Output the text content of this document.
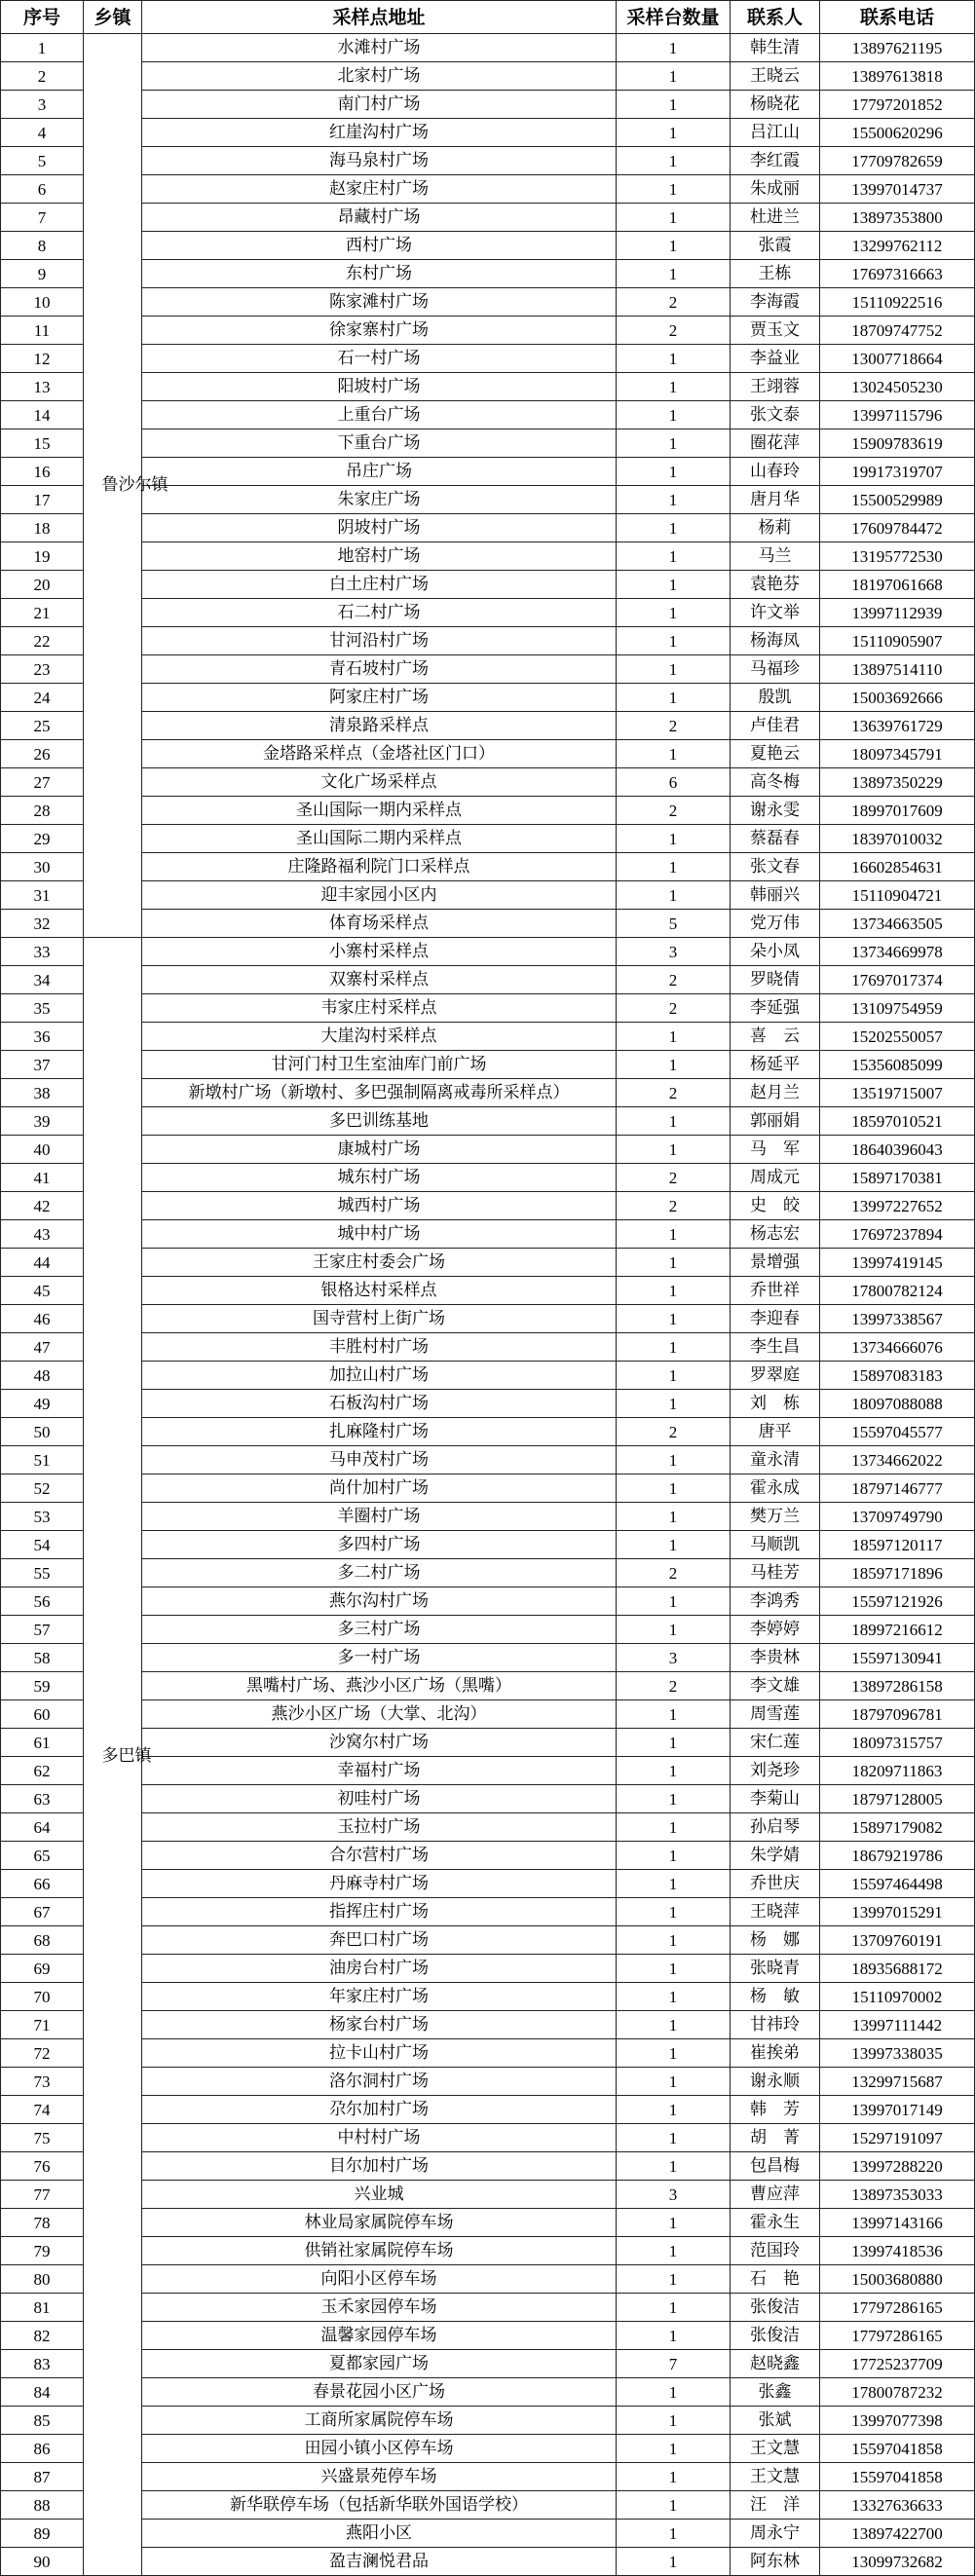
序号	乡镇	采样点地址	采样台数量	联系人	联系电话
1	鲁沙尔镇	水滩村广场	1	韩生清	13897621195
2		北家村广场	1	王晓云	13897613818
3		南门村广场	1	杨晓花	17797201852
4		红崖沟村广场	1	吕江山	15500620296
5		海马泉村广场	1	李红霞	17709782659
6		赵家庄村广场	1	朱成丽	13997014737
7		昂藏村广场	1	杜进兰	13897353800
8		西村广场	1	张霞	13299762112
9		东村广场	1	王栋	17697316663
10		陈家滩村广场	2	李海霞	15110922516
11		徐家寨村广场	2	贾玉文	18709747752
12		石一村广场	1	李益业	13007718664
13		阳坡村广场	1	王翊蓉	13024505230
14		上重台广场	1	张文泰	13997115796
15		下重台广场	1	圈花萍	15909783619
16		吊庄广场	1	山春玲	19917319707
17		朱家庄广场	1	唐月华	15500529989
18		阴坡村广场	1	杨莉	17609784472
19		地窑村广场	1	马兰	13195772530
20		白土庄村广场	1	袁艳芬	18197061668
21		石二村广场	1	许文举	13997112939
22		甘河沿村广场	1	杨海凤	15110905907
23		青石坡村广场	1	马福珍	13897514110
24		阿家庄村广场	1	殷凯	15003692666
25		清泉路采样点	2	卢佳君	13639761729
26		金塔路采样点（金塔社区门口）	1	夏艳云	18097345791
27		文化广场采样点	6	高冬梅	13897350229
28		圣山国际一期内采样点	2	谢永雯	18997017609
29		圣山国际二期内采样点	1	蔡磊春	18397010032
30		庄隆路福利院门口采样点	1	张文春	16602854631
31		迎丰家园小区内	1	韩丽兴	15110904721
32		体育场采样点	5	党万伟	13734663505
33	多巴镇	小寨村采样点	3	朵小凤	13734669978
34		双寨村采样点	2	罗晓倩	17697017374
35		韦家庄村采样点	2	李延强	13109754959
36		大崖沟村采样点	1	喜　云	15202550057
37		甘河门村卫生室油库门前广场	1	杨延平	15356085099
38		新墩村广场（新墩村、多巴强制隔离戒毒所采样点）	2	赵月兰	13519715007
39		多巴训练基地	1	郭丽娟	18597010521
40		康城村广场	1	马　军	18640396043
41		城东村广场	2	周成元	15897170381
42		城西村广场	2	史　皎	13997227652
43		城中村广场	1	杨志宏	17697237894
44		王家庄村委会广场	1	景增强	13997419145
45		银格达村采样点	1	乔世祥	17800782124
46		国寺营村上街广场	1	李迎春	13997338567
47		丰胜村村广场	1	李生昌	13734666076
48		加拉山村广场	1	罗翠庭	15897083183
49		石板沟村广场	1	刘　栋	18097088088
50		扎麻隆村广场	2	唐平	15597045577
51		马申茂村广场	1	童永清	13734662022
52		尚什加村广场	1	霍永成	18797146777
53		羊圈村广场	1	樊万兰	13709749790
54		多四村广场	1	马顺凯	18597120117
55		多二村广场	2	马桂芳	18597171896
56		燕尔沟村广场	1	李鸿秀	15597121926
57		多三村广场	1	李婷婷	18997216612
58		多一村广场	3	李贵林	15597130941
59		黑嘴村广场、燕沙小区广场（黑嘴）	2	李文雄	13897286158
60		燕沙小区广场（大掌、北沟）	1	周雪莲	18797096781
61		沙窝尔村广场	1	宋仁莲	18097315757
62		幸福村广场	1	刘尧珍	18209711863
63		初哇村广场	1	李菊山	18797128005
64		玉拉村广场	1	孙启琴	15897179082
65		合尔营村广场	1	朱学婧	18679219786
66		丹麻寺村广场	1	乔世庆	15597464498
67		指挥庄村广场	1	王晓萍	13997015291
68		奔巴口村广场	1	杨　娜	13709760191
69		油房台村广场	1	张晓青	18935688172
70		年家庄村广场	1	杨　敏	15110970002
71		杨家台村广场	1	甘祎玲	13997111442
72		拉卡山村广场	1	崔挨弟	13997338035
73		洛尔洞村广场	1	谢永顺	13299715687
74		尕尔加村广场	1	韩　芳	13997017149
75		中村村广场	1	胡　菁	15297191097
76		目尔加村广场	1	包昌梅	13997288220
77		兴业城	3	曹应萍	13897353033
78		林业局家属院停车场	1	霍永生	13997143166
79		供销社家属院停车场	1	范国玲	13997418536
80		向阳小区停车场	1	石　艳	15003680880
81		玉禾家园停车场	1	张俊洁	17797286165
82		温馨家园停车场	1	张俊洁	17797286165
83		夏都家园广场	7	赵晓鑫	17725237709
84		春景花园小区广场	1	张鑫	17800787232
85		工商所家属院停车场	1	张斌	13997077398
86		田园小镇小区停车场	1	王文慧	15597041858
87		兴盛景苑停车场	1	王文慧	15597041858
88		新华联停车场（包括新华联外国语学校）	1	汪　洋	13327636633
89		燕阳小区	1	周永宁	13897422700
90		盈吉澜悦君品	1	阿东林	13099732682
